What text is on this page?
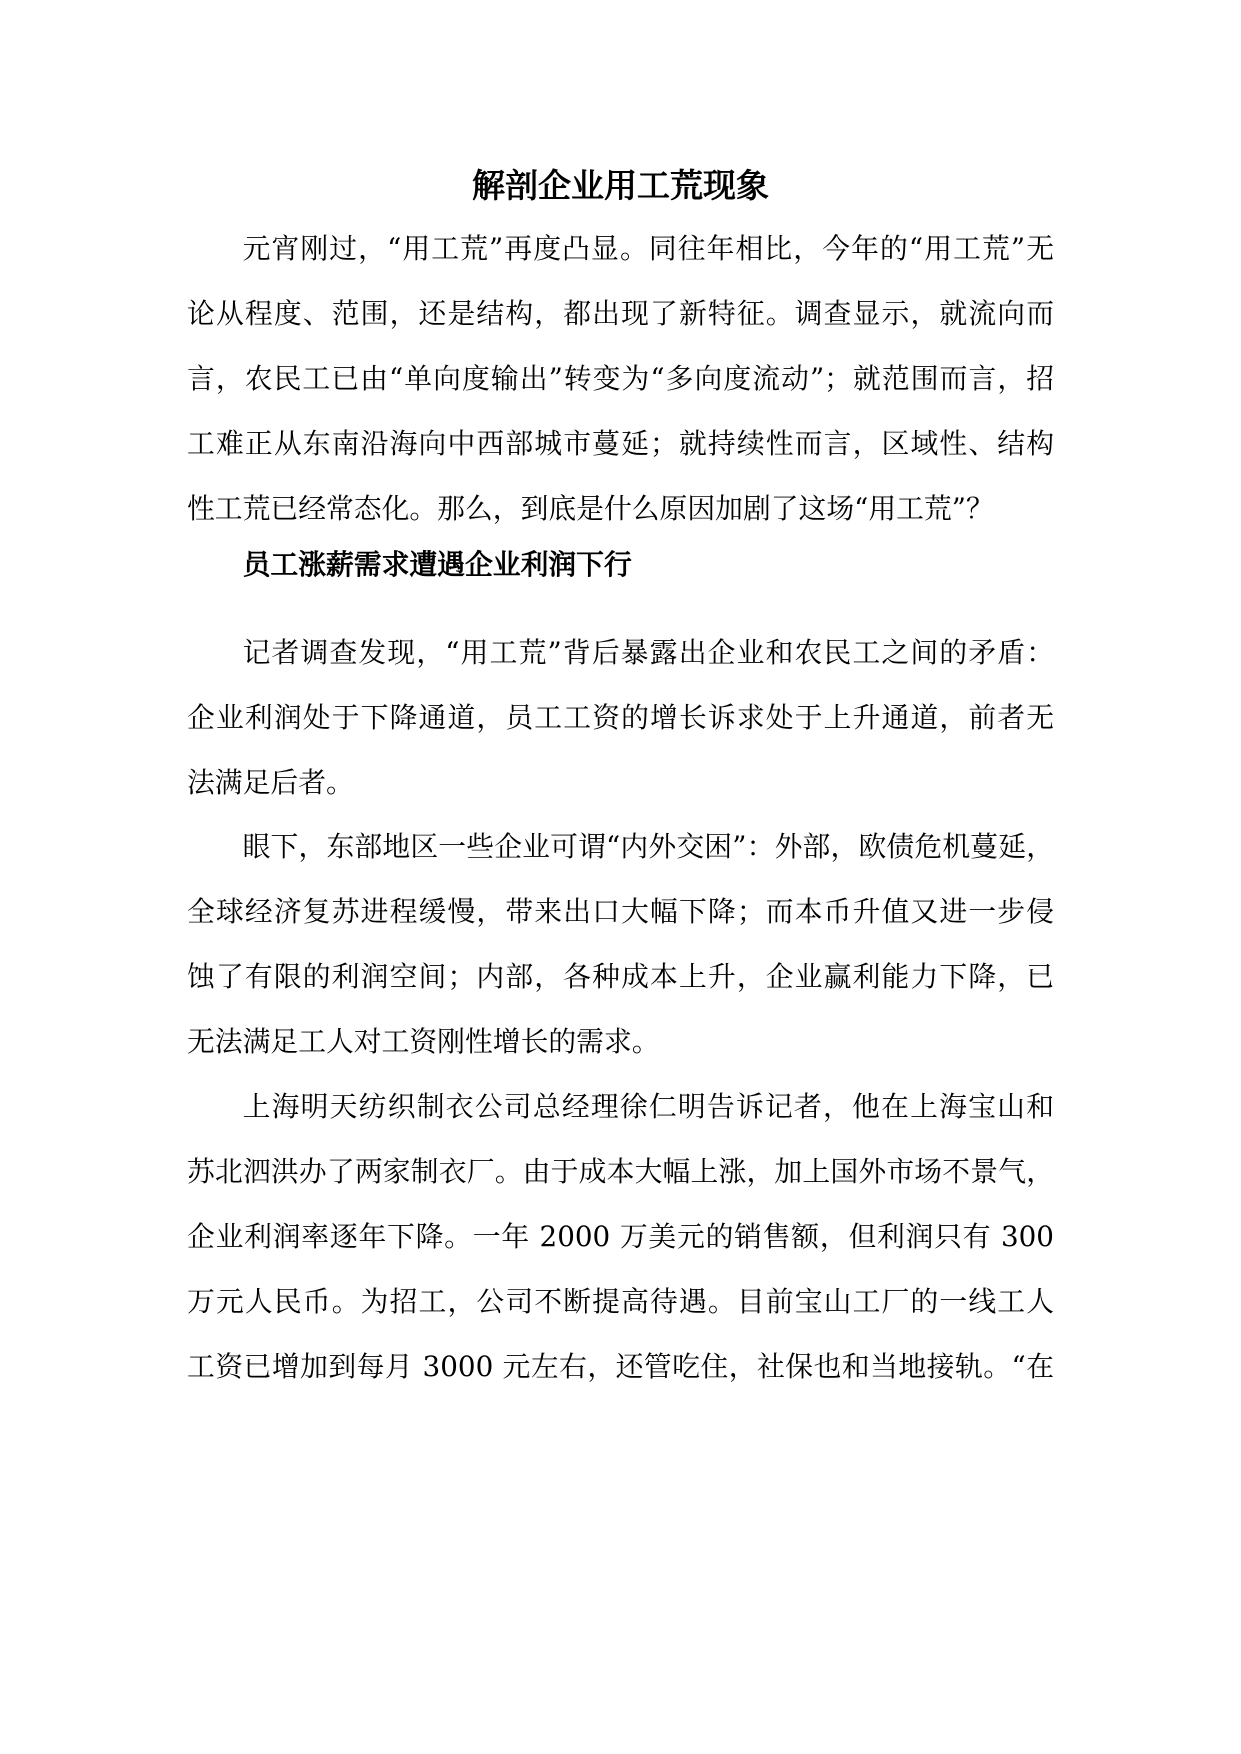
解剖企业用工荒现象
元宵刚过，“用工荒”再度凸显。同往年相比，今年的“用工荒”无
论从程度、范围，还是结构，都出现了新特征。调查显示，就流向而
言，农民工已由“单向度输出”转变为“多向度流动”；就范围而言，招
工难正从东南沿海向中西部城市蔓延；就持续性而言，区域性、结构
性工荒已经常态化。那么，到底是什么原因加剧了这场“用工荒”？
员工涨薪需求遭遇企业利润下行
记者调查发现，“用工荒”背后暴露出企业和农民工之间的矛盾：
企业利润处于下降通道，员工工资的增长诉求处于上升通道，前者无
法满足后者。
眼下，东部地区一些企业可谓“内外交困”：外部，欧债危机蔓延，
全球经济复苏进程缓慢，带来出口大幅下降；而本币升值又进一步侵
蚀了有限的利润空间；内部，各种成本上升，企业赢利能力下降，已
无法满足工人对工资刚性增长的需求。
上海明天纺织制衣公司总经理徐仁明告诉记者，他在上海宝山和
苏北泗洪办了两家制衣厂。由于成本大幅上涨，加上国外市场不景气，
企业利润率逐年下降。一年 2000 万美元的销售额，但利润只有 300
万元人民币。为招工，公司不断提高待遇。目前宝山工厂的一线工人
工资已增加到每月 3000 元左右，还管吃住，社保也和当地接轨。“在
